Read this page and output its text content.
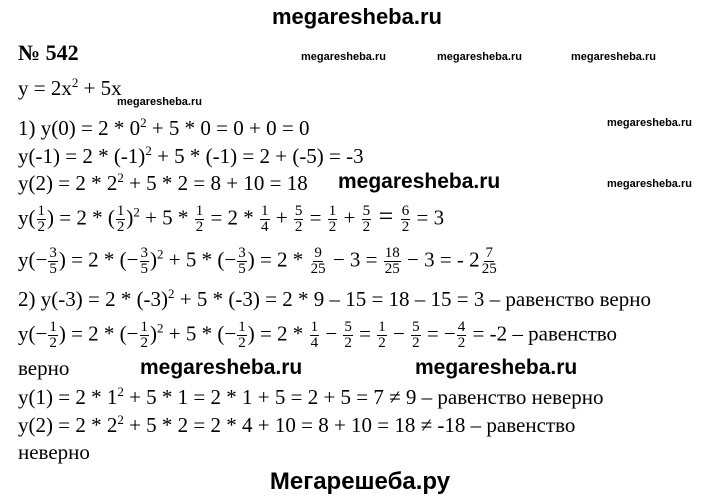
megaresheba.ru
№ 542	megaresheba.ru	megaresheba.ru	megaresheba.ru
megaresheba.ru
megaresheba.ru
megaresheba.ru
$y = 2x^2 + 5x$
1) $y(0) = 2 * 0^2 + 5 * 0 = 0 + 0 = 0$
$y(-1) = 2 * (-1)^2 + 5 * (-1) = 2 + (-5) = -3$
$y(2) = 2 * 2^2 + 5 * 2 = 8 + 10 = 18$ megaresheba.ru
$y( \frac{1}{2}$ ) = 2 * ( $\frac{1}{2} )^2 + 5 * \frac{1}{2} = 2 * \frac{1}{4} + \frac{5}{2} = \frac{1}{2} + \frac{5}{2} = \frac{6}{2} = 3$
$y(- \frac{3}{5}$ ) = 2 * (− $\frac{3}{5} )^2 + 5$ * (− $\frac{3}{5}$ ) = $2 * \frac{9}{25} - 3 = \frac{18}{25} - 3$ = - $2 \frac{7}{25}$
2) $y(-3) = 2 * (-3)^2 + 5 * (-3) = 2 * 9 - 15 = 18 - 15 = 3$ – равенство верно
$y(- \frac{1}{2}$ ) = 2 * (− $\frac{1}{2} )^2 + 5$ * (− $\frac{1}{2}$ ) = $2 * \frac{1}{4} - \frac{5}{2} = \frac{1}{2} - \frac{5}{2}$ = − $\frac{4}{2} = -2$ – равенство
верно	megaresheba.ru	megaresheba.ru
$y(1) = 2 * 1^2 + 5 * 1 = 2 * 1 + 5 = 2 + 5 = 7 \ne 9$ – равенство неверно
$y(2) = 2 * 2^2 + 5 * 2 = 2 * 4 + 10 = 8 + 10 = 18 \ne -18$ – равенство
неверно
Мегарешеба.ру
